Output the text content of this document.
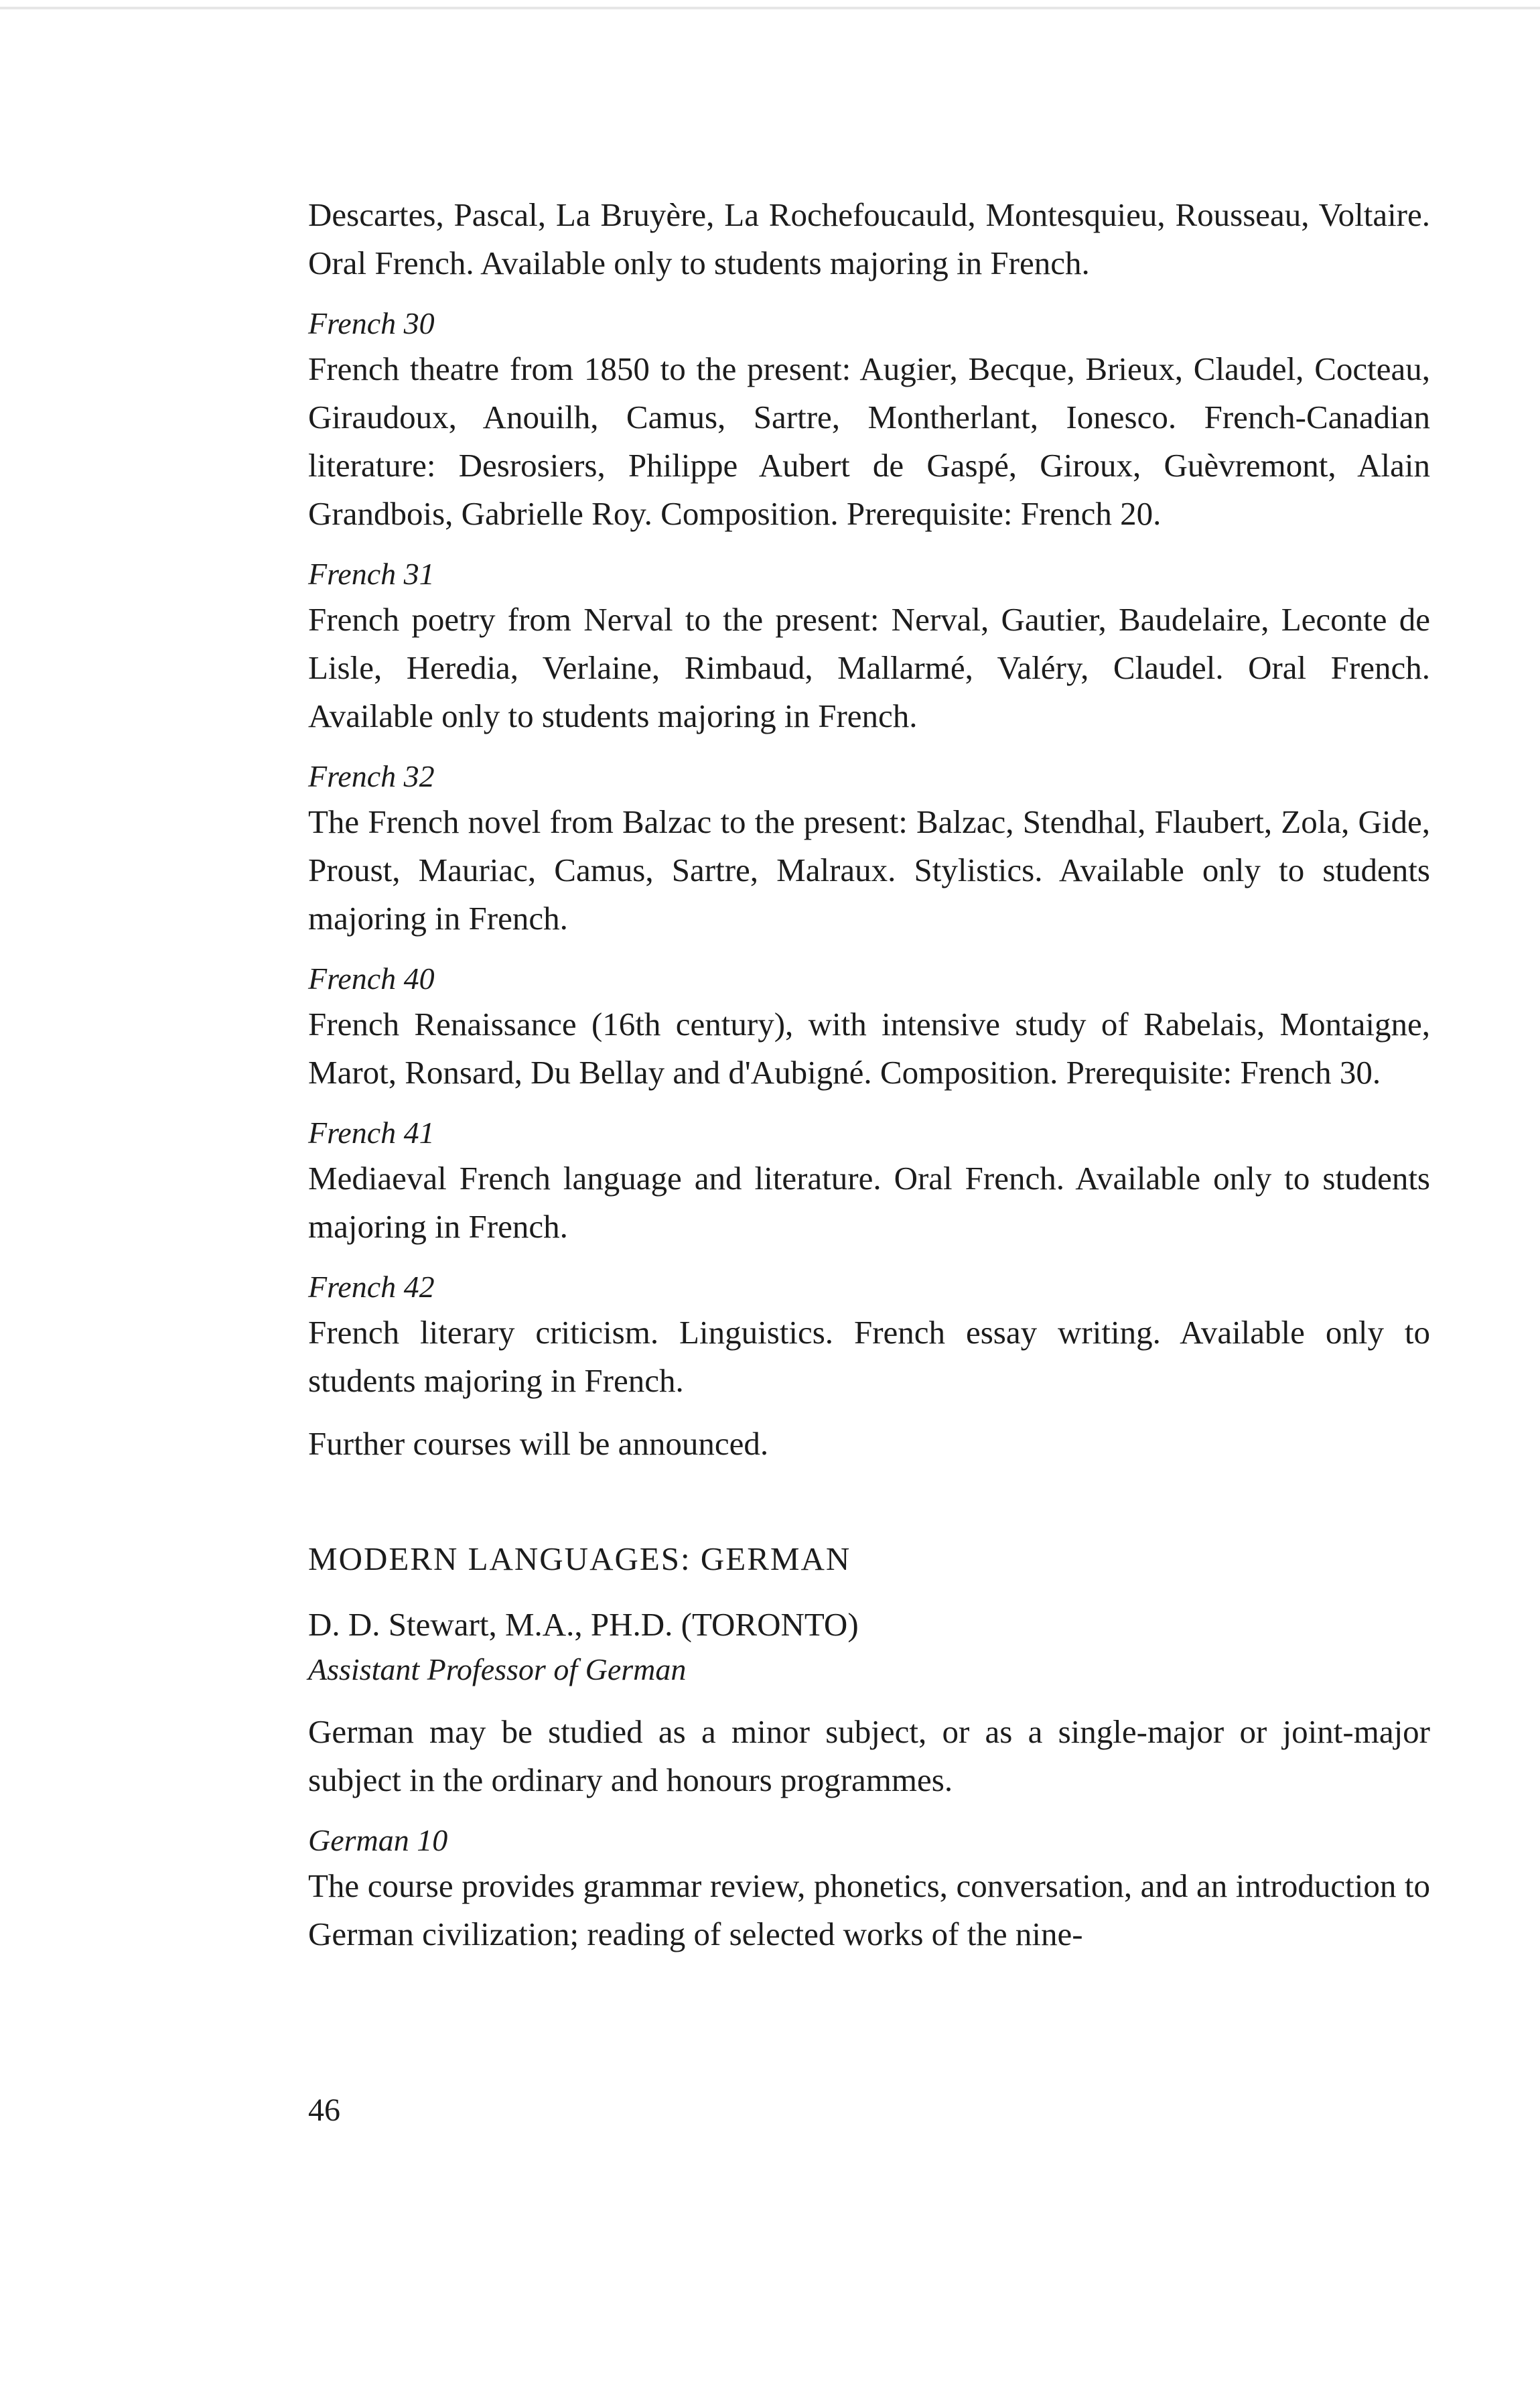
Descartes, Pascal, La Bruyère, La Rochefoucauld, Montesquieu, Rousseau, Voltaire. Oral French. Available only to students majoring in French.

French 30

French theatre from 1850 to the present: Augier, Becque, Brieux, Claudel, Cocteau, Giraudoux, Anouilh, Camus, Sartre, Montherlant, Ionesco. French-Canadian literature: Desrosiers, Philippe Aubert de Gaspé, Giroux, Guèvremont, Alain Grandbois, Gabrielle Roy. Composition. Prerequisite: French 20.

French 31

French poetry from Nerval to the present: Nerval, Gautier, Baudelaire, Leconte de Lisle, Heredia, Verlaine, Rimbaud, Mallarmé, Valéry, Claudel. Oral French. Available only to students majoring in French.

French 32

The French novel from Balzac to the present: Balzac, Stendhal, Flaubert, Zola, Gide, Proust, Mauriac, Camus, Sartre, Malraux. Stylistics. Available only to students majoring in French.

French 40

French Renaissance (16th century), with intensive study of Rabelais, Montaigne, Marot, Ronsard, Du Bellay and d'Aubigné. Composition. Prerequisite: French 30.

French 41

Mediaeval French language and literature. Oral French. Available only to students majoring in French.

French 42

French literary criticism. Linguistics. French essay writing. Available only to students majoring in French.

Further courses will be announced.

MODERN LANGUAGES: GERMAN

D. D. Stewart, M.A., PH.D. (TORONTO)

Assistant Professor of German

German may be studied as a minor subject, or as a single-major or joint-major subject in the ordinary and honours programmes.

German 10

The course provides grammar review, phonetics, conversation, and an introduction to German civilization; reading of selected works of the nine-

46
